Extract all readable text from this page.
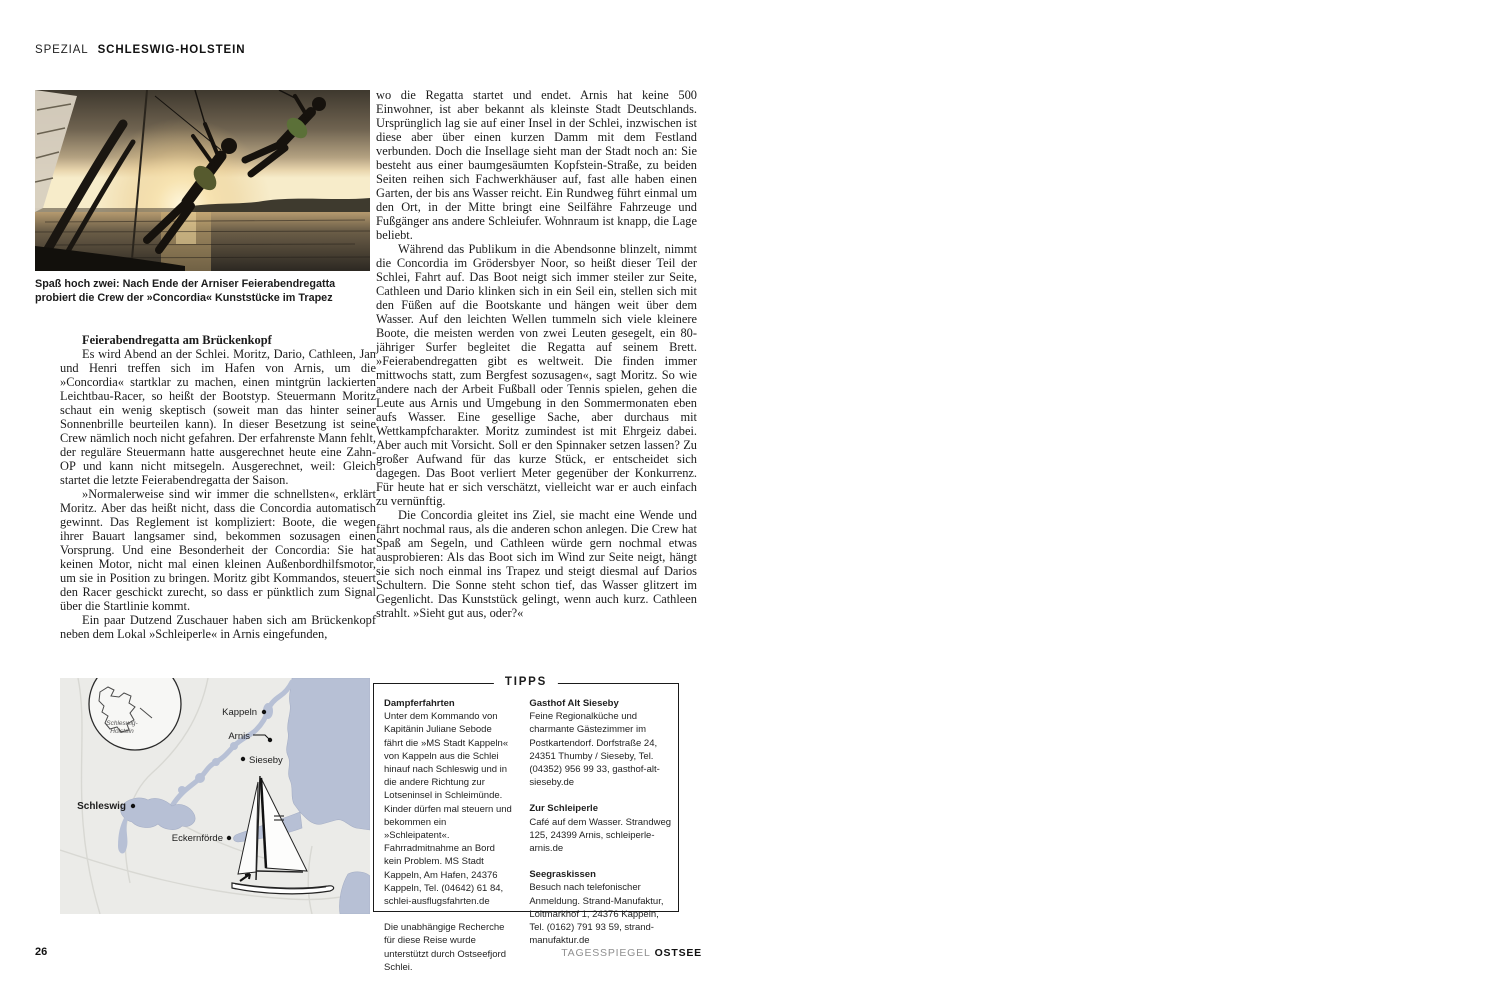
SPEZIAL SCHLESWIG-HOLSTEIN
Spaß hoch zwei: Nach Ende der Arniser Feierabendregatta probiert die Crew der »Concordia« Kunststücke im Trapez

Feierabendregatta am Brückenkopf

Es wird Abend an der Schlei. Moritz, Dario, Cathleen, Jan und Henri treffen sich im Hafen von Arnis, um die »Concordia« startklar zu machen, einen mintgrün lackierten Leichtbau-Racer, so heißt der Bootstyp. Steuermann Moritz schaut ein wenig skeptisch (soweit man das hinter seiner Sonnenbrille beurteilen kann). In dieser Besetzung ist seine Crew nämlich noch nicht gefahren. Der erfahrenste Mann fehlt, der reguläre Steuermann hatte ausgerechnet heute eine Zahn-OP und kann nicht mitsegeln. Ausgerechnet, weil: Gleich startet die letzte Feierabendregatta der Saison.

»Normalerweise sind wir immer die schnellsten«, erklärt Moritz. Aber das heißt nicht, dass die Concordia automatisch gewinnt. Das Reglement ist kompliziert: Boote, die wegen ihrer Bauart langsamer sind, bekommen sozusagen einen Vorsprung. Und eine Besonderheit der Concordia: Sie hat keinen Motor, nicht mal einen kleinen Außenbordhilfsmotor, um sie in Position zu bringen. Moritz gibt Kommandos, steuert den Racer geschickt zurecht, so dass er pünktlich zum Signal über die Startlinie kommt.

Ein paar Dutzend Zuschauer haben sich am Brückenkopf neben dem Lokal »Schleiperle« in Arnis eingefunden,

wo die Regatta startet und endet. Arnis hat keine 500 Einwohner, ist aber bekannt als kleinste Stadt Deutschlands. Ursprünglich lag sie auf einer Insel in der Schlei, inzwischen ist diese aber über einen kurzen Damm mit dem Festland verbunden. Doch die Insellage sieht man der Stadt noch an: Sie besteht aus einer baumgesäumten Kopfstein-Straße, zu beiden Seiten reihen sich Fachwerkhäuser auf, fast alle haben einen Garten, der bis ans Wasser reicht. Ein Rundweg führt einmal um den Ort, in der Mitte bringt eine Seilfähre Fahrzeuge und Fußgänger ans andere Schleiufer. Wohnraum ist knapp, die Lage beliebt.

Während das Publikum in die Abendsonne blinzelt, nimmt die Concordia im Grödersbyer Noor, so heißt dieser Teil der Schlei, Fahrt auf. Das Boot neigt sich immer steiler zur Seite, Cathleen und Dario klinken sich in ein Seil ein, stellen sich mit den Füßen auf die Bootskante und hängen weit über dem Wasser. Auf den leichten Wellen tummeln sich viele kleinere Boote, die meisten werden von zwei Leuten gesegelt, ein 80-jähriger Surfer begleitet die Regatta auf seinem Brett. »Feierabendregatten gibt es weltweit. Die finden immer mittwochs statt, zum Bergfest sozusagen«, sagt Moritz. So wie andere nach der Arbeit Fußball oder Tennis spielen, gehen die Leute aus Arnis und Umgebung in den Sommermonaten eben aufs Wasser. Eine gesellige Sache, aber durchaus mit Wettkampfcharakter. Moritz zumindest ist mit Ehrgeiz dabei. Aber auch mit Vorsicht. Soll er den Spinnaker setzen lassen? Zu großer Aufwand für das kurze Stück, er entscheidet sich dagegen. Das Boot verliert Meter gegenüber der Konkurrenz. Für heute hat er sich verschätzt, vielleicht war er auch einfach zu vernünftig.

Die Concordia gleitet ins Ziel, sie macht eine Wende und fährt nochmal raus, als die anderen schon anlegen. Die Crew hat Spaß am Segeln, und Cathleen würde gern nochmal etwas ausprobieren: Als das Boot sich im Wind zur Seite neigt, hängt sie sich noch einmal ins Trapez und steigt diesmal auf Darios Schultern. Die Sonne steht schon tief, das Wasser glitzert im Gegenlicht. Das Kunststück gelingt, wenn auch kurz. Cathleen strahlt. »Sieht gut aus, oder?«

Schleswig-
Holstein
Kappeln
Arnis
Sieseby
Schleswig
Eckernförde
TIPPS

Dampferfahrten

Unter dem Kommando von Kapitänin Juliane Sebode fährt die »MS Stadt Kappeln« von Kappeln aus die Schlei hinauf nach Schleswig und in die andere Richtung zur Lotseninsel in Schleimünde. Kinder dürfen mal steuern und bekommen ein »Schleipatent«. Fahrradmitnahme an Bord kein Problem. MS Stadt Kappeln, Am Hafen, 24376 Kappeln, Tel. (04642) 61 84, schlei-ausflugsfahrten.de

Die unabhängige Recherche für diese Reise wurde unterstützt durch Ostseefjord Schlei.

Gasthof Alt Sieseby

Feine Regionalküche und charmante Gästezimmer im Postkartendorf. Dorfstraße 24, 24351 Thumby / Sieseby, Tel. (04352) 956 99 33, gasthof-alt-sieseby.de

Zur Schleiperle

Café auf dem Wasser. Strandweg 125, 24399 Arnis, schleiperle-arnis.de

Seegraskissen

Besuch nach telefonischer Anmeldung. Strand-Manufaktur, Loitmarkhof 1, 24376 Kappeln, Tel. (0162) 791 93 59, strand-manufaktur.de

26	TAGESSPIEGEL OSTSEE
